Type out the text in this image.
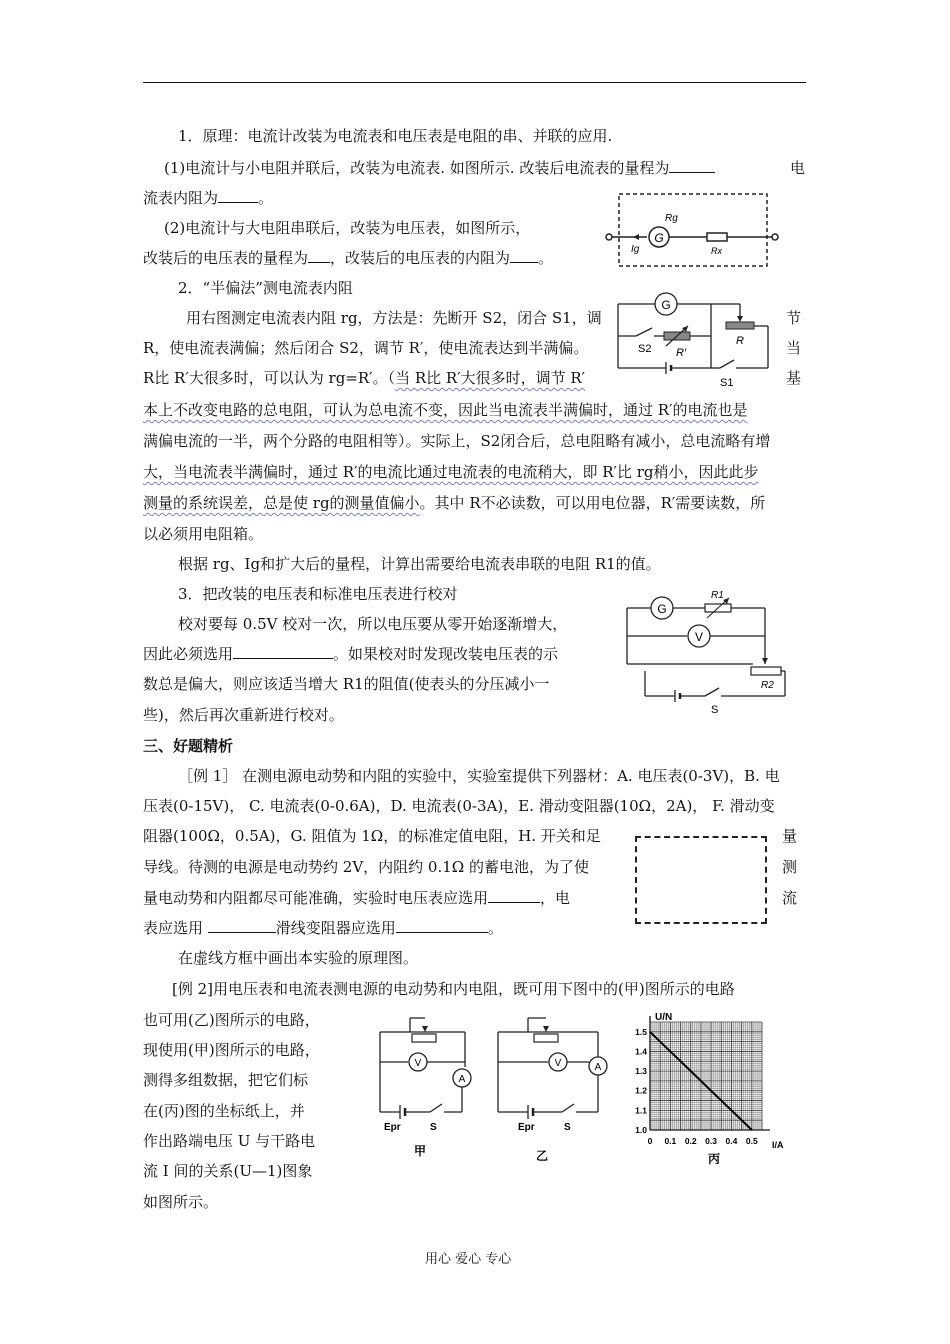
1．原理：电流计改装为电流表和电压表是电阻的串、并联的应用.
(1)电流计与小电阻并联后，改装为电流表. 如图所示. 改装后电流表的量程为	电
流表内阻为	。
(2)电流计与大电阻串联后，改装为电压表，如图所示，
改装后的电压表的量程为 ，改装后的电压表的内阻为 。
2．“半偏法”测电流表内阻
用右图测定电流表内阻 rg，方法是：先断开 S2，闭合 S1，调	节
R，使电流表满偏；然后闭合 S2，调节 R′，使电流表达到半满偏。	当
R比 R′大很多时，可以认为 rg=R′。（当 R比 R′大很多时，调节 R′	基
本上不改变电路的总电阻，可认为总电流不变，因此当电流表半满偏时，通过 R′的电流也是
满偏电流的一半，两个分路的电阻相等）。实际上，S2闭合后，总电阻略有减小，总电流略有增
大，当电流表半满偏时，通过 R′的电流比通过电流表的电流稍大，即 R′比 rg稍小，因此此步
测量的系统误差，总是使 rg的测量值偏小。其中 R不必读数，可以用电位器，R′需要读数，所
以必须用电阻箱。
根据 rg、Ig和扩大后的量程，计算出需要给电流表串联的电阻 R1的值。
3．把改装的电压表和标准电压表进行校对
校对要每 0.5V 校对一次，所以电压要从零开始逐渐增大，
因此必须选用	。如果校对时发现改装电压表的示
数总是偏大，则应该适当增大 R1的阻值(使表头的分压减小一
些)，然后再次重新进行校对。
三、好题精析
［例 1］ 在测电源电动势和内阻的实验中，实验室提供下列器材：A. 电压表(0-3V)，B. 电
压表(0-15V)， C. 电流表(0-0.6A)，D. 电流表(0-3A)，E. 滑动变阻器(10Ω，2A)， F. 滑动变
阻器(100Ω，0.5A)，G. 阻值为 1Ω，的标准定值电阻，H. 开关和足	量
导线。待测的电源是电动势约 2V，内阻约 0.1Ω 的蓄电池，为了使	测
量电动势和内阻都尽可能准确，实验时电压表应选用	，电	流
表应选用	滑线变阻器应选用	。
在虚线方框中画出本实验的原理图。
[例 2]用电压表和电流表测电源的电动势和内电阻，既可用下图中的(甲)图所示的电路
也可用(乙)图所示的电路，
现使用(甲)图所示的电路，
测得多组数据，把它们标
在(丙)图的坐标纸上，并
作出路端电压 U 与干路电
流 I 间的关系(U—1)图象
如图所示。
G
Rg
Ig	Rx
G
S2 R′
R
S1
G
R1
V
R2
S
V
A
Epr	S
甲
V	A
Epr	S
乙
0 0.1 0.2 0.3 0.4 0.5
1.0
1.1
1.2
1.3
1.4
1.5
U/N
I/A
丙
用心 爱心 专心
